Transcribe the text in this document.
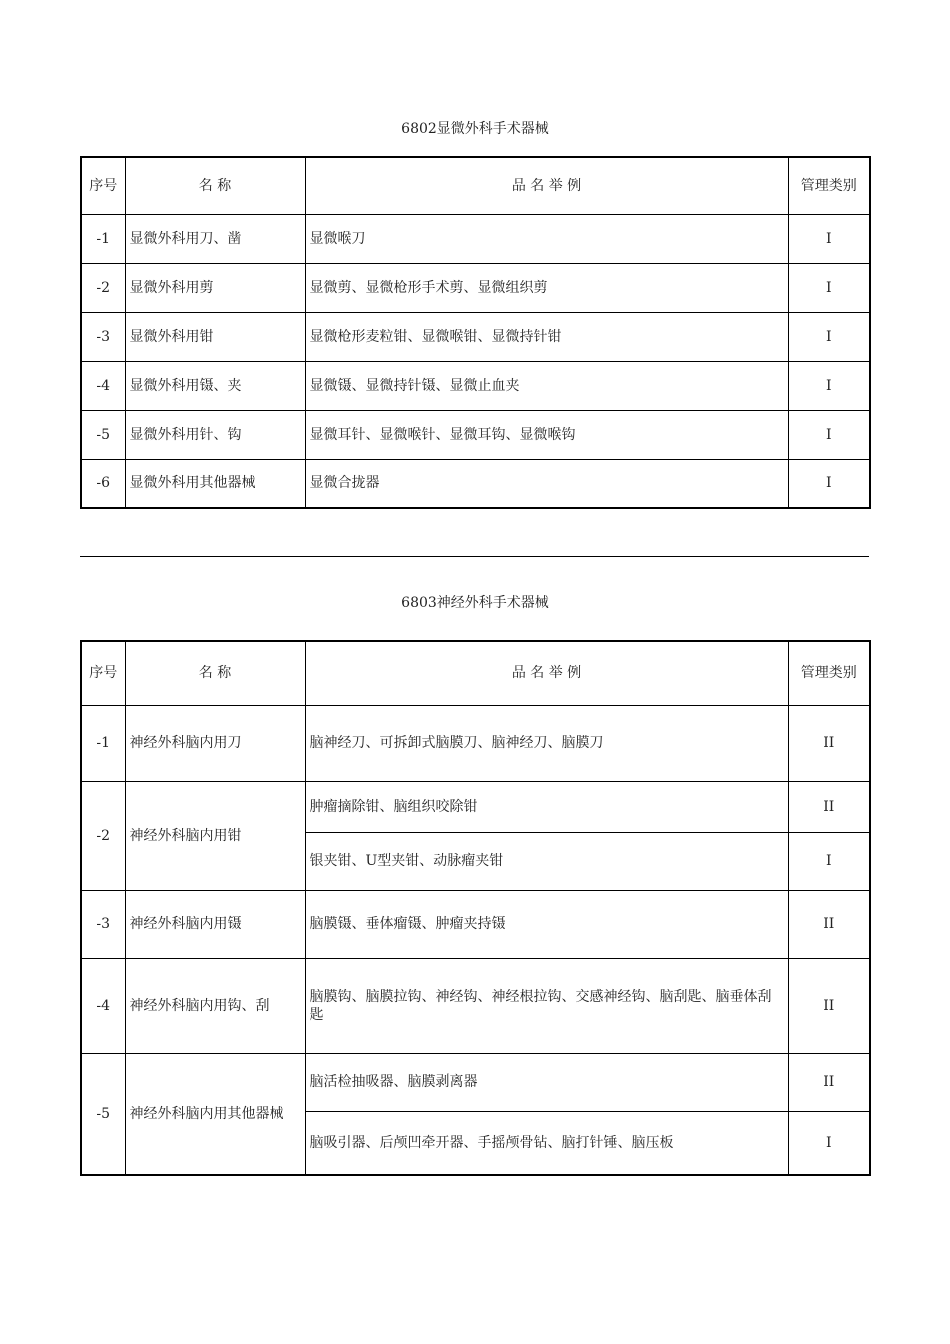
6802显微外科手术器械
序号	名 称	品 名 举 例	管理类别
-1	显微外科用刀、凿	显微喉刀	I
-2	显微外科用剪	显微剪、显微枪形手术剪、显微组织剪	I
-3	显微外科用钳	显微枪形麦粒钳、显微喉钳、显微持针钳	I
-4	显微外科用镊、夹	显微镊、显微持针镊、显微止血夹	I
-5	显微外科用针、钩	显微耳针、显微喉针、显微耳钩、显微喉钩	I
-6	显微外科用其他器械	显微合拢器	I
6803神经外科手术器械
序号	名 称	品 名 举 例	管理类别
-1	神经外科脑内用刀	脑神经刀、可拆卸式脑膜刀、脑神经刀、脑膜刀	II
-2	神经外科脑内用钳	肿瘤摘除钳、脑组织咬除钳	II
		银夹钳、U型夹钳、动脉瘤夹钳	I
-3	神经外科脑内用镊	脑膜镊、垂体瘤镊、肿瘤夹持镊	II
-4	神经外科脑内用钩、刮	脑膜钩、脑膜拉钩、神经钩、神经根拉钩、交感神经钩、脑刮匙、脑垂体刮匙	II
-5	神经外科脑内用其他器械	脑活检抽吸器、脑膜剥离器	II
		脑吸引器、后颅凹牵开器、手摇颅骨钻、脑打针锤、脑压板	I
